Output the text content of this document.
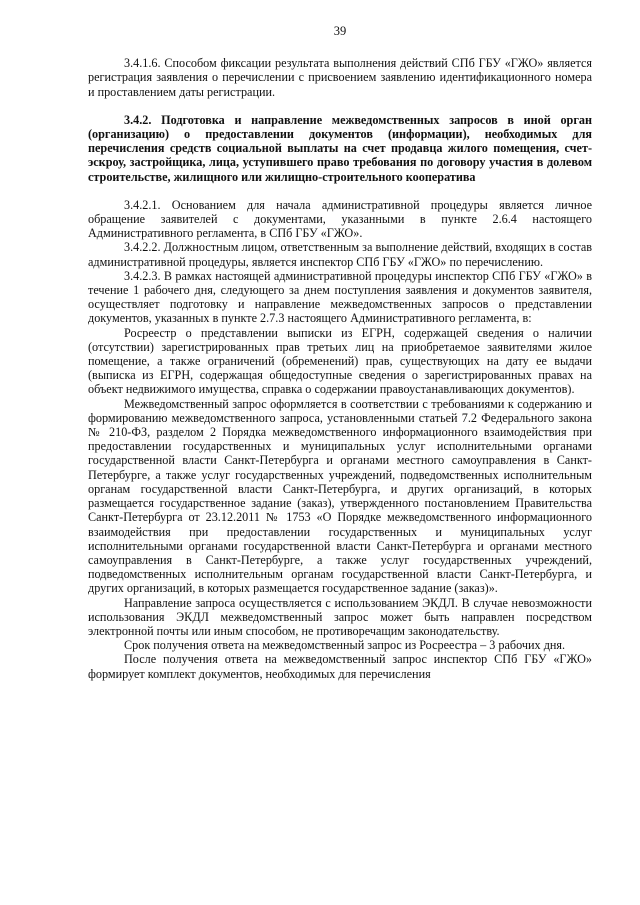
39

3.4.1.6. Способом фиксации результата выполнения действий СПб ГБУ «ГЖО» является регистрация заявления о перечислении с присвоением заявлению идентификационного номера и проставлением даты регистрации.

3.4.2. Подготовка и направление межведомственных запросов в иной орган (организацию) о предоставлении документов (информации), необходимых для перечисления средств социальной выплаты на счет продавца жилого помещения, счет-эскроу, застройщика, лица, уступившего право требования по договору участия в долевом строительстве, жилищного или жилищно-строительного кооператива

3.4.2.1. Основанием для начала административной процедуры является личное обращение заявителей с документами, указанными в пункте 2.6.4 настоящего Административного регламента, в СПб ГБУ «ГЖО».

3.4.2.2. Должностным лицом, ответственным за выполнение действий, входящих в состав административной процедуры, является инспектор СПб ГБУ «ГЖО» по перечислению.

3.4.2.3. В рамках настоящей административной процедуры инспектор СПб ГБУ «ГЖО» в течение 1 рабочего дня, следующего за днем поступления заявления и документов заявителя, осуществляет подготовку и направление межведомственных запросов о представлении документов, указанных в пункте 2.7.3 настоящего Административного регламента, в:

Росреестр о представлении выписки из ЕГРН, содержащей сведения о наличии (отсутствии) зарегистрированных прав третьих лиц на приобретаемое заявителями жилое помещение, а также ограничений (обременений) прав, существующих на дату ее выдачи (выписка из ЕГРН, содержащая общедоступные сведения о зарегистрированных правах на объект недвижимого имущества, справка о содержании правоустанавливающих документов).

Межведомственный запрос оформляется в соответствии с требованиями к содержанию и формированию межведомственного запроса, установленными статьей 7.2 Федерального закона № 210-ФЗ, разделом 2 Порядка межведомственного информационного взаимодействия при предоставлении государственных и муниципальных услуг исполнительными органами государственной власти Санкт-Петербурга и органами местного самоуправления в Санкт-Петербурге, а также услуг государственных учреждений, подведомственных исполнительным органам государственной власти Санкт-Петербурга, и других организаций, в которых размещается государственное задание (заказ), утвержденного постановлением Правительства Санкт-Петербурга от 23.12.2011 № 1753 «О Порядке межведомственного информационного взаимодействия при предоставлении государственных и муниципальных услуг исполнительными органами государственной власти Санкт-Петербурга и органами местного самоуправления в Санкт-Петербурге, а также услуг государственных учреждений, подведомственных исполнительным органам государственной власти Санкт-Петербурга, и других организаций, в которых размещается государственное задание (заказ)».

Направление запроса осуществляется с использованием ЭКДЛ. В случае невозможности использования ЭКДЛ межведомственный запрос может быть направлен посредством электронной почты или иным способом, не противоречащим законодательству.

Срок получения ответа на межведомственный запрос из Росреестра – 3 рабочих дня.

После получения ответа на межведомственный запрос инспектор СПб ГБУ «ГЖО» формирует комплект документов, необходимых для перечисления
